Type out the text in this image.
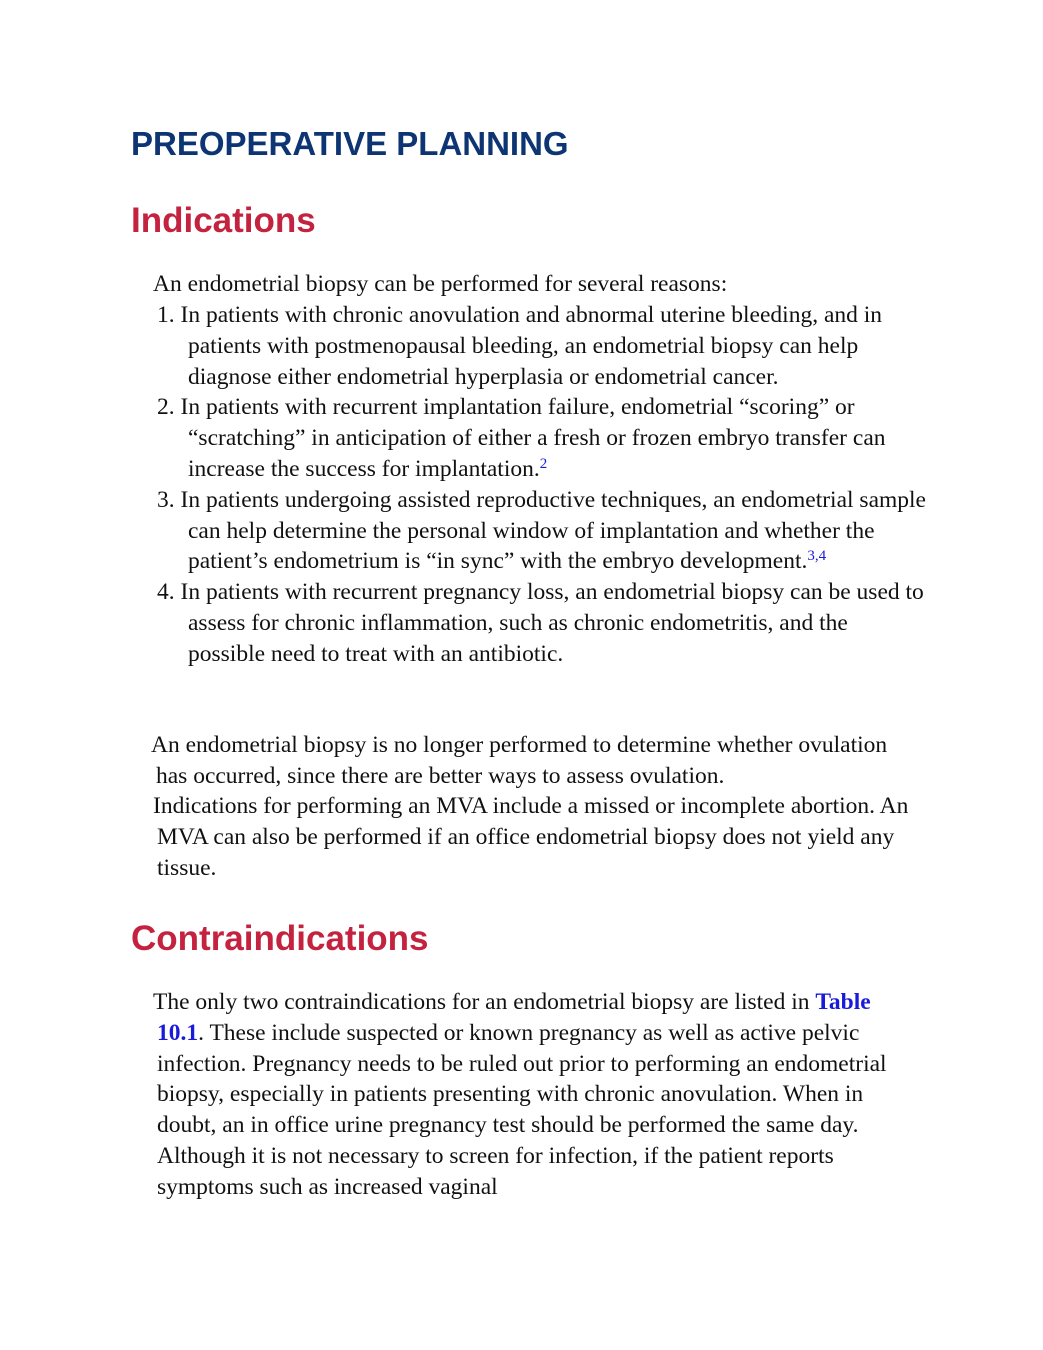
PREOPERATIVE PLANNING
Indications

An endometrial biopsy can be performed for several reasons:

1. In patients with chronic anovulation and abnormal uterine bleeding, and in patients with postmenopausal bleeding, an endometrial biopsy can help diagnose either endometrial hyperplasia or endometrial cancer.
2. In patients with recurrent implantation failure, endometrial “scoring” or “scratching” in anticipation of either a fresh or frozen embryo transfer can increase the success for implantation.$^2$
3. In patients undergoing assisted reproductive techniques, an endometrial sample can help determine the personal window of implantation and whether the patient’s endometrium is “in sync” with the embryo development.$^{3,4}$
4. In patients with recurrent pregnancy loss, an endometrial biopsy can be used to assess for chronic inflammation, such as chronic endometritis, and the possible need to treat with an antibiotic.

An endometrial biopsy is no longer performed to determine whether ovulation has occurred, since there are better ways to assess ovulation.

Indications for performing an MVA include a missed or incomplete abortion. An MVA can also be performed if an office endometrial biopsy does not yield any tissue.

Contraindications

The only two contraindications for an endometrial biopsy are listed in Table 10.1. These include suspected or known pregnancy as well as active pelvic infection. Pregnancy needs to be ruled out prior to performing an endometrial biopsy, especially in patients presenting with chronic anovulation. When in doubt, an in office urine pregnancy test should be performed the same day. Although it is not necessary to screen for infection, if the patient reports symptoms such as increased vaginal
